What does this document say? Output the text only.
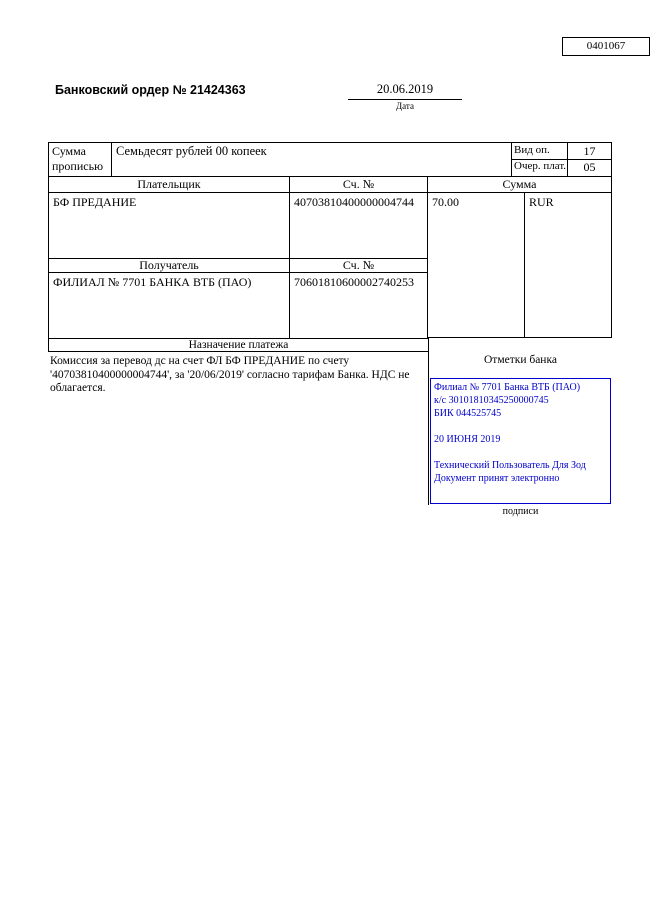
0401067
Банковский ордер № 21424363	20.06.2019
Дата
Сумма прописью
Семьдесят рублей 00 копеек	Вид оп.	17
Очер. плат.	05
Плательщик	Сч. №	Сумма
БФ ПРЕДАНИЕ	40703810400000004744	70.00	RUR
Получатель	Сч. №
ФИЛИАЛ № 7701 БАНКА ВТБ (ПАО)	70601810600002740253
Назначение платежа
Комиссия за перевод дс на счет ФЛ БФ ПРЕДАНИЕ по счету '40703810400000004744', за '20/06/2019' согласно тарифам Банка. НДС не облагается.
Отметки банка
Филиал № 7701 Банка ВТБ (ПАО)
к/с 30101810345250000745
БИК 044525745
20 ИЮНЯ 2019
Технический Пользователь Для Зод
Документ принят электронно
подписи
